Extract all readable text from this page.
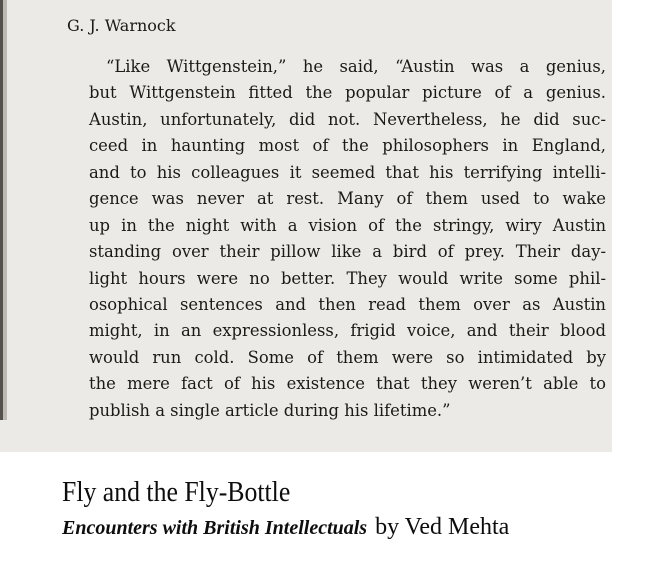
G. J. Warnock
“Like Wittgenstein,” he said, “Austin was a genius,
but Wittgenstein fitted the popular picture of a genius.
Austin, unfortunately, did not. Nevertheless, he did suc-
ceed in haunting most of the philosophers in England,
and to his colleagues it seemed that his terrifying intelli-
gence was never at rest. Many of them used to wake
up in the night with a vision of the stringy, wiry Austin
standing over their pillow like a bird of prey. Their day-
light hours were no better. They would write some phil-
osophical sentences and then read them over as Austin
might, in an expressionless, frigid voice, and their blood
would run cold. Some of them were so intimidated by
the mere fact of his existence that they weren’t able to
publish a single article during his lifetime.”
Fly and the Fly-Bottle
Encounters with British Intellectuals by Ved Mehta
